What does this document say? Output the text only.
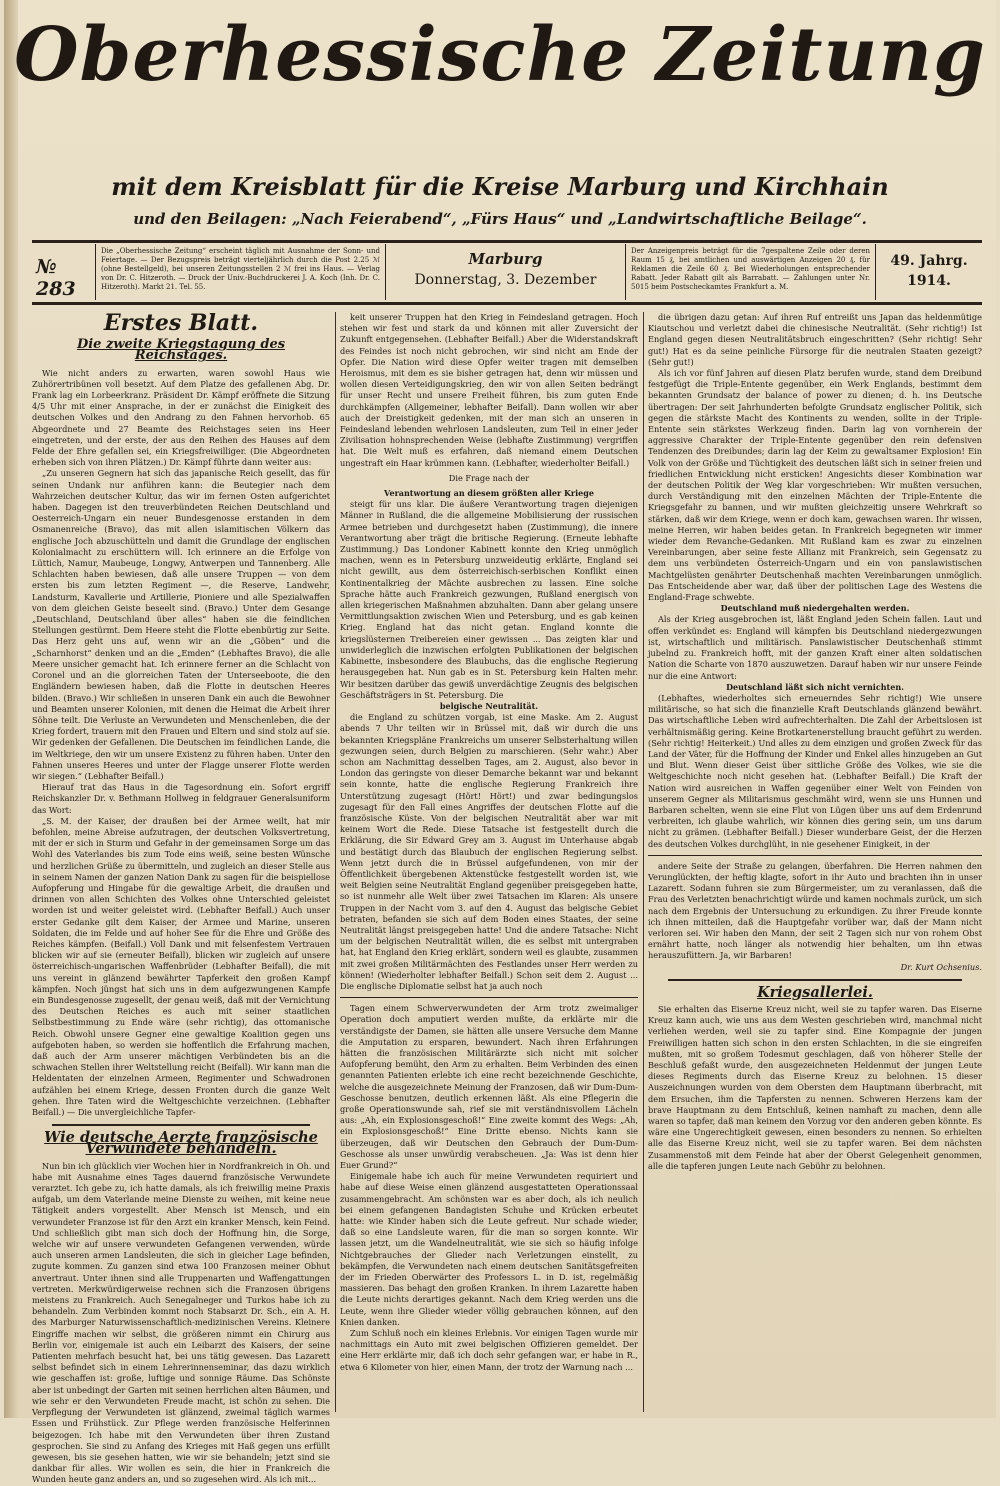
Oberhessische Zeitung
mit dem Kreisblatt für die Kreise Marburg und Kirchhain
und den Beilagen: „Nach Feierabend“, „Fürs Haus“ und „Landwirtschaftliche Beilage“.
№ 283
Die „Oberhessische Zeitung“ erscheint täglich mit Ausnahme der Sonn- und Feiertage. — Der Bezugspreis beträgt vierteljährlich durch die Post 2.25 ℳ (ohne Bestellgeld), bei unseren Zeitungsstellen 2 ℳ frei ins Haus. — Verlag von Dr. C. Hitzeroth. — Druck der Univ.-Buchdruckerei J. A. Koch (Inh. Dr. C. Hitzeroth). Markt 21. Tel. 55.
Marburg
Donnerstag, 3. Dezember
Der Anzeigenpreis beträgt für die 7gespaltene Zeile oder deren Raum 15 ₰, bei amtlichen und auswärtigen Anzeigen 20 ₰, für Reklamen die Zeile 60 ₰. Bei Wiederholungen entsprechender Rabatt. Jeder Rabatt gilt als Barrabatt. — Zahlungen unter Nr. 5015 beim Postscheckamtes Frankfurt a. M.
49. Jahrg.
1914.
Erstes Blatt.
Die zweite Kriegstagung des Reichstages.

Wie nicht anders zu erwarten, waren sowohl Haus wie Zuhörertribünen voll besetzt. Auf dem Platze des gefallenen Abg. Dr. Frank lag ein Lorbeerkranz. Präsident Dr. Kämpf eröffnete die Sitzung 4/5 Uhr mit einer Ansprache, in der er zunächst die Einigkeit des deutschen Volkes und den Andrang zu den Fahnen hervorhob. 65 Abgeordnete und 27 Beamte des Reichstages seien ins Heer eingetreten, und der erste, der aus den Reihen des Hauses auf dem Felde der Ehre gefallen sei, ein Kriegsfreiwilliger. (Die Abgeordneten erheben sich von ihren Plätzen.) Dr. Kämpf führte dann weiter aus:

„Zu unseren Gegnern hat sich das japanische Reich gesellt, das für seinen Undank nur anführen kann: die Beutegier nach dem Wahrzeichen deutscher Kultur, das wir im fernen Osten aufgerichtet haben. Dagegen ist den treuverbündeten Reichen Deutschland und Oesterreich-Ungarn ein neuer Bundesgenosse erstanden in dem Osmanenreiche (Bravo), das mit allen islamitischen Völkern das englische Joch abzuschütteln und damit die Grundlage der englischen Kolonialmacht zu erschüttern will. Ich erinnere an die Erfolge von Lüttich, Namur, Maubeuge, Longwy, Antwerpen und Tannenberg. Alle Schlachten haben bewiesen, daß alle unsere Truppen — von dem ersten bis zum letzten Regiment —, die Reserve, Landwehr, Landsturm, Kavallerie und Artillerie, Pioniere und alle Spezialwaffen von dem gleichen Geiste beseelt sind. (Bravo.) Unter dem Gesange „Deutschland, Deutschland über alles“ haben sie die feindlichen Stellungen gestürmt. Dem Heere steht die Flotte ebenbürtig zur Seite. Das Herz geht uns auf, wenn wir an die „Göben“ und die „Scharnhorst“ denken und an die „Emden“ (Lebhaftes Bravo), die alle Meere unsicher gemacht hat. Ich erinnere ferner an die Schlacht von Coronel und an die glorreichen Taten der Unterseeboote, die den Engländern bewiesen haben, daß die Flotte in deutschen Heeres bilden. (Bravo.) Wir schließen in unseren Dank ein auch die Bewohner und Beamten unserer Kolonien, mit denen die Heimat die Arbeit ihrer Söhne teilt. Die Verluste an Verwundeten und Menschenleben, die der Krieg fordert, trauern mit den Frauen und Eltern und sind stolz auf sie. Wir gedenken der Gefallenen. Die Deutschen im feindlichen Lande, die im Weltkriege, den wir um unsere Existenz zu führen haben. Unter den Fahnen unseres Heeres und unter der Flagge unserer Flotte werden wir siegen.“ (Lebhafter Beifall.)

Hierauf trat das Haus in die Tagesordnung ein. Sofort ergriff Reichskanzler Dr. v. Bethmann Hollweg in feldgrauer Generalsuniform das Wort:

„S. M. der Kaiser, der draußen bei der Armee weilt, hat mir befohlen, meine Abreise aufzutragen, der deutschen Volksvertretung, mit der er sich in Sturm und Gefahr in der gemeinsamen Sorge um das Wohl des Vaterlandes bis zum Tode eins weiß, seine besten Wünsche und herzlichen Grüße zu übermitteln, und zugleich an dieser Stelle aus in seinem Namen der ganzen Nation Dank zu sagen für die beispiellose Aufopferung und Hingabe für die gewaltige Arbeit, die draußen und drinnen von allen Schichten des Volkes ohne Unterschied geleistet worden ist und weiter geleistet wird. (Lebhafter Beifall.) Auch unser erster Gedanke gilt dem Kaiser, der Armee und Marine, unseren Soldaten, die im Felde und auf hoher See für die Ehre und Größe des Reiches kämpfen. (Beifall.) Voll Dank und mit felsenfestem Vertrauen blicken wir auf sie (erneuter Beifall), blicken wir zugleich auf unsere österreichisch-ungarischen Waffenbrüder (Lebhafter Beifall), die mit uns vereint in glänzend bewährter Tapferkeit den großen Kampf kämpfen. Noch jüngst hat sich uns in dem aufgezwungenen Kampfe ein Bundesgenosse zugesellt, der genau weiß, daß mit der Vernichtung des Deutschen Reiches es auch mit seiner staatlichen Selbstbestimmung zu Ende wäre (sehr richtig), das ottomanische Reich. Obwohl unsere Gegner eine gewaltige Koalition gegen uns aufgeboten haben, so werden sie hoffentlich die Erfahrung machen, daß auch der Arm unserer mächtigen Verbündeten bis an die schwachen Stellen ihrer Weltstellung reicht (Beifall). Wir kann man die Heldentaten der einzelnen Armeen, Regimenter und Schwadronen aufzählen bei einem Kriege, dessen Fronten durch die ganze Welt gehen. Ihre Taten wird die Weltgeschichte verzeichnen. (Lebhafter Beifall.) — Die unvergleichliche Tapfer-

Wie deutsche Aerzte französische Verwundete behandeln.

Nun bin ich glücklich vier Wochen hier in Nordfrankreich in Oh. und habe mit Ausnahme eines Tages dauernd französische Verwundete verarztet. Ich gebe zu, ich hatte damals, als ich freiwillig meine Praxis aufgab, um dem Vaterlande meine Dienste zu weihen, mit keine neue Tätigkeit anders vorgestellt. Aber Mensch ist Mensch, und ein verwundeter Franzose ist für den Arzt ein kranker Mensch, kein Feind. Und schließlich gibt man sich doch der Hoffnung hin, die Sorge, welche wir auf unsere verwundeten Gefangenen verwenden, würde auch unseren armen Landsleuten, die sich in gleicher Lage befinden, zugute kommen. Zu ganzen sind etwa 100 Franzosen meiner Obhut anvertraut. Unter ihnen sind alle Truppenarten und Waffengattungen vertreten. Merkwürdigerweise rechnen sich die Franzosen übrigens meistens zu Frankreich. Auch Senegalneger und Turkos habe ich zu behandeln. Zum Verbinden kommt noch Stabsarzt Dr. Sch., ein A. H. des Marburger Naturwissenschaftlich-medizinischen Vereins. Kleinere Eingriffe machen wir selbst, die größeren nimmt ein Chirurg aus Berlin vor, einigemale ist auch ein Leibarzt des Kaisers, der seine Patienten mehrfach besucht hat, bei uns tätig gewesen. Das Lazarett selbst befindet sich in einem Lehrerinnenseminar, das dazu wirklich wie geschaffen ist: große, luftige und sonnige Räume. Das Schönste aber ist unbedingt der Garten mit seinen herrlichen alten Bäumen, und wie sehr er den Verwundeten Freude macht, ist schön zu sehen. Die Verpflegung der Verwundeten ist glänzend, zweimal täglich warmes Essen und Frühstück. Zur Pflege werden französische Helferinnen beigezogen. Ich habe mit den Verwundeten über ihren Zustand gesprochen. Sie sind zu Anfang des Krieges mit Haß gegen uns erfüllt gewesen, bis sie gesehen hatten, wie wir sie behandeln; jetzt sind sie dankbar für alles. Wir wollen es sein, die hier in Frankreich die Wunden heute ganz anders an, und so zugesehen wird. Als ich mit...

keit unserer Truppen hat den Krieg in Feindesland getragen. Hoch stehen wir fest und stark da und können mit aller Zuversicht der Zukunft entgegensehen. (Lebhafter Beifall.) Aber die Widerstandskraft des Feindes ist noch nicht gebrochen, wir sind nicht am Ende der Opfer. Die Nation wird diese Opfer weiter tragen mit demselben Heroismus, mit dem es sie bisher getragen hat, denn wir müssen und wollen diesen Verteidigungskrieg, den wir von allen Seiten bedrängt für unser Recht und unsere Freiheit führen, bis zum guten Ende durchkämpfen (Allgemeiner, lebhafter Beifall). Dann wollen wir aber auch der Dreistigkeit gedenken, mit der man sich an unseren in Feindesland lebenden wehrlosen Landsleuten, zum Teil in einer jeder Zivilisation hohnsprechenden Weise (lebhafte Zustimmung) vergriffen hat. Die Welt muß es erfahren, daß niemand einem Deutschen ungestraft ein Haar krümmen kann. (Lebhafter, wiederholter Beifall.)

Die Frage nach der

Verantwortung an diesem größten aller Kriege

steigt für uns klar. Die äußere Verantwortung tragen diejenigen Männer in Rußland, die die allgemeine Mobilisierung der russischen Armee betrieben und durchgesetzt haben (Zustimmung), die innere Verantwortung aber trägt die britische Regierung. (Erneute lebhafte Zustimmung.) Das Londoner Kabinett konnte den Krieg unmöglich machen, wenn es in Petersburg unzweideutig erklärte, England sei nicht gewillt, aus dem österreichisch-serbischen Konflikt einen Kontinentalkrieg der Mächte ausbrechen zu lassen. Eine solche Sprache hätte auch Frankreich gezwungen, Rußland energisch von allen kriegerischen Maßnahmen abzuhalten. Dann aber gelang unsere Vermittlungsaktion zwischen Wien und Petersburg, und es gab keinen Krieg. England hat das nicht getan. England konnte die kriegslüsternen Treibereien einer gewissen ... Das zeigten klar und unwiderleglich die inzwischen erfolgten Publikationen der belgischen Kabinette, insbesondere des Blaubuchs, das die englische Regierung herausgegeben hat. Nun gab es in St. Petersburg kein Halten mehr. Wir besitzen darüber das gewiß unverdächtige Zeugnis des belgischen Geschäftsträgers in St. Petersburg. Die

belgische Neutralität.

die England zu schützen vorgab, ist eine Maske. Am 2. August abends 7 Uhr teilten wir in Brüssel mit, daß wir durch die uns bekannten Kriegspläne Frankreichs um unserer Selbsterhaltung willen gezwungen seien, durch Belgien zu marschieren. (Sehr wahr.) Aber schon am Nachmittag desselben Tages, am 2. August, also bevor in London das geringste von dieser Demarche bekannt war und bekannt sein konnte, hatte die englische Regierung Frankreich ihre Unterstützung zugesagt (Hört! Hört!) und zwar bedingungslos zugesagt für den Fall eines Angriffes der deutschen Flotte auf die französische Küste. Von der belgischen Neutralität aber war mit keinem Wort die Rede. Diese Tatsache ist festgestellt durch die Erklärung, die Sir Edward Grey am 3. August im Unterhause abgab und bestätigt durch das Blaubuch der englischen Regierung selbst. Wenn jetzt durch die in Brüssel aufgefundenen, von mir der Öffentlichkeit übergebenen Aktenstücke festgestellt worden ist, wie weit Belgien seine Neutralität England gegenüber preisgegeben hatte, so ist nunmehr alle Welt über zwei Tatsachen im Klaren: Als unsere Truppen in der Nacht vom 3. auf den 4. August das belgische Gebiet betraten, befanden sie sich auf dem Boden eines Staates, der seine Neutralität längst preisgegeben hatte! Und die andere Tatsache: Nicht um der belgischen Neutralität willen, die es selbst mit untergraben hat, hat England den Krieg erklärt, sondern weil es glaubte, zusammen mit zwei großen Militärmächten des Festlandes unser Herr werden zu können! (Wiederholter lebhafter Beifall.) Schon seit dem 2. August ... Die englische Diplomatie selbst hat ja auch noch

Tagen einem Schwerverwundeten der Arm trotz zweimaliger Operation doch amputiert werden mußte, da erklärte mir die verständigste der Damen, sie hätten alle unsere Versuche dem Manne die Amputation zu ersparen, bewundert. Nach ihren Erfahrungen hätten die französischen Militärärzte sich nicht mit solcher Aufopferung bemüht, den Arm zu erhalten. Beim Verbinden des einen genannten Patienten erlebte ich eine recht bezeichnende Geschichte, welche die ausgezeichnete Meinung der Franzosen, daß wir Dum-Dum-Geschosse benutzen, deutlich erkennen läßt. Als eine Pflegerin die große Operationswunde sah, rief sie mit verständnisvollem Lächeln aus: „Ah, ein Explosionsgeschoß!“ Eine zweite kommt des Wegs: „Ah, ein Explosionsgeschoß!“ Eine Dritte ebenso. Nichts kann sie überzeugen, daß wir Deutschen den Gebrauch der Dum-Dum-Geschosse als unser unwürdig verabscheuen. „Ja: Was ist denn hier Euer Grund?“

Einigemale habe ich auch für meine Verwundeten requiriert und habe auf diese Weise einen glänzend ausgestatteten Operationssaal zusammengebracht. Am schönsten war es aber doch, als ich neulich bei einem gefangenen Bandagisten Schuhe und Krücken erbeutet hatte: wie Kinder haben sich die Leute gefreut. Nur schade wieder, daß so eine Landsleute waren, für die man so sorgen konnte. Wir lassen jetzt, um die Wandelneutralität, wie sie sich so häufig infolge Nichtgebrauches der Glieder nach Verletzungen einstellt, zu bekämpfen, die Verwundeten nach einem deutschen Sanitätsgefreiten der im Frieden Oberwärter des Professors L. in D. ist, regelmäßig massieren. Das behagt den großen Kranken. In ihrem Lazarette haben die Leute nichts derartiges gekannt. Nach dem Krieg werden uns die Leute, wenn ihre Glieder wieder völlig gebrauchen können, auf den Knien danken.

Zum Schluß noch ein kleines Erlebnis. Vor einigen Tagen wurde mir nachmittags ein Auto mit zwei belgischen Offizieren gemeldet. Der eine Herr erklärte mir, daß ich doch sehr gefangen war, er habe in R., etwa 6 Kilometer von hier, einen Mann, der trotz der Warnung nach ...

die übrigen dazu getan: Auf ihren Ruf entreißt uns Japan das heldenmütige Kiautschou und verletzt dabei die chinesische Neutralität. (Sehr richtig!) Ist England gegen diesen Neutralitätsbruch eingeschritten? (Sehr richtig! Sehr gut!) Hat es da seine peinliche Fürsorge für die neutralen Staaten gezeigt? (Sehr gut!)

Als ich vor fünf Jahren auf diesen Platz berufen wurde, stand dem Dreibund festgefügt die Triple-Entente gegenüber, ein Werk Englands, bestimmt dem bekannten Grundsatz der balance of power zu dienen; d. h. ins Deutsche übertragen: Der seit Jahrhunderten befolgte Grundsatz englischer Politik, sich gegen die stärkste Macht des Kontinents zu wenden, sollte in der Triple-Entente sein stärkstes Werkzeug finden. Darin lag von vornherein der aggressive Charakter der Triple-Entente gegenüber den rein defensiven Tendenzen des Dreibundes; darin lag der Keim zu gewaltsamer Explosion! Ein Volk von der Größe und Tüchtigkeit des deutschen läßt sich in seiner freien und friedlichen Entwicklung nicht ersticken! Angesichts dieser Kombination war der deutschen Politik der Weg klar vorgeschrieben: Wir mußten versuchen, durch Verständigung mit den einzelnen Mächten der Triple-Entente die Kriegsgefahr zu bannen, und wir mußten gleichzeitig unsere Wehrkraft so stärken, daß wir dem Kriege, wenn er doch kam, gewachsen waren. Ihr wissen, meine Herren, wir haben beides getan. In Frankreich begegneten wir immer wieder dem Revanche-Gedanken. Mit Rußland kam es zwar zu einzelnen Vereinbarungen, aber seine feste Allianz mit Frankreich, sein Gegensatz zu dem uns verbündeten Österreich-Ungarn und ein von panslawistischen Machtgelüsten genährter Deutschenhaß machten Vereinbarungen unmöglich. Das Entscheidende aber war, daß über der politischen Lage des Westens die England-Frage schwebte.

Deutschland muß niedergehalten werden.

Als der Krieg ausgebrochen ist, läßt England jeden Schein fallen. Laut und offen verkündet es: England will kämpfen bis Deutschland niedergezwungen ist, wirtschaftlich und militärisch. Panslawistischer Deutschenhaß stimmt jubelnd zu. Frankreich hofft, mit der ganzen Kraft einer alten soldatischen Nation die Scharte von 1870 auszuwetzen. Darauf haben wir nur unsere Feinde nur die eine Antwort:

Deutschland läßt sich nicht vernichten.

(Lebhaftes, wiederholtes sich erneuerndes Sehr richtig!) Wie unsere militärische, so hat sich die finanzielle Kraft Deutschlands glänzend bewährt. Das wirtschaftliche Leben wird aufrechterhalten. Die Zahl der Arbeitslosen ist verhältnismäßig gering. Keine Brotkartenerstellung braucht geführt zu werden. (Sehr richtig! Heiterkeit.) Und alles zu dem einzigen und großen Zweck für das Land der Väter, für die Hoffnung der Kinder und Enkel alles hinzugeben an Gut und Blut. Wenn dieser Geist über sittliche Größe des Volkes, wie sie die Weltgeschichte noch nicht gesehen hat. (Lebhafter Beifall.) Die Kraft der Nation wird ausreichen in Waffen gegenüber einer Welt von Feinden von unserem Gegner als Militarismus geschmäht wird, wenn sie uns Hunnen und Barbaren schelten, wenn sie eine Flut von Lügen über uns auf dem Erdenrund verbreiten, ich glaube wahrlich, wir können dies gering sein, um uns darum nicht zu grämen. (Lebhafter Beifall.) Dieser wunderbare Geist, der die Herzen des deutschen Volkes durchglüht, in nie gesehener Einigkeit, in der

andere Seite der Straße zu gelangen, überfahren. Die Herren nahmen den Verunglückten, der heftig klagte, sofort in ihr Auto und brachten ihn in unser Lazarett. Sodann fuhren sie zum Bürgermeister, um zu veranlassen, daß die Frau des Verletzten benachrichtigt würde und kamen nochmals zurück, um sich nach dem Ergebnis der Untersuchung zu erkundigen. Zu ihrer Freude konnte ich ihnen mitteilen, daß die Hauptgefahr vorüber war, daß der Mann nicht verloren sei. Wir haben den Mann, der seit 2 Tagen sich nur von rohem Obst ernährt hatte, noch länger als notwendig hier behalten, um ihn etwas herauszufüttern. Ja, wir Barbaren!

Dr. Kurt Ochsenius.

Kriegsallerlei.

Sie erhalten das Eiserne Kreuz nicht, weil sie zu tapfer waren. Das Eiserne Kreuz kann auch, wie uns aus dem Westen geschrieben wird, manchmal nicht verliehen werden, weil sie zu tapfer sind. Eine Kompagnie der jungen Freiwilligen hatten sich schon in den ersten Schlachten, in die sie eingreifen mußten, mit so großem Todesmut geschlagen, daß von höherer Stelle der Beschluß gefaßt wurde, den ausgezeichneten Heldenmut der jungen Leute dieses Regiments durch das Eiserne Kreuz zu belohnen. 15 dieser Auszeichnungen wurden von dem Obersten dem Hauptmann überbracht, mit dem Ersuchen, ihm die Tapfersten zu nennen. Schweren Herzens kam der brave Hauptmann zu dem Entschluß, keinen namhaft zu machen, denn alle waren so tapfer, daß man keinem den Vorzug vor den anderen geben könnte. Es wäre eine Ungerechtigkeit gewesen, einen besonders zu nennen. So erhielten alle das Eiserne Kreuz nicht, weil sie zu tapfer waren. Bei dem nächsten Zusammenstoß mit dem Feinde hat aber der Oberst Gelegenheit genommen, alle die tapferen jungen Leute nach Gebühr zu belohnen.
